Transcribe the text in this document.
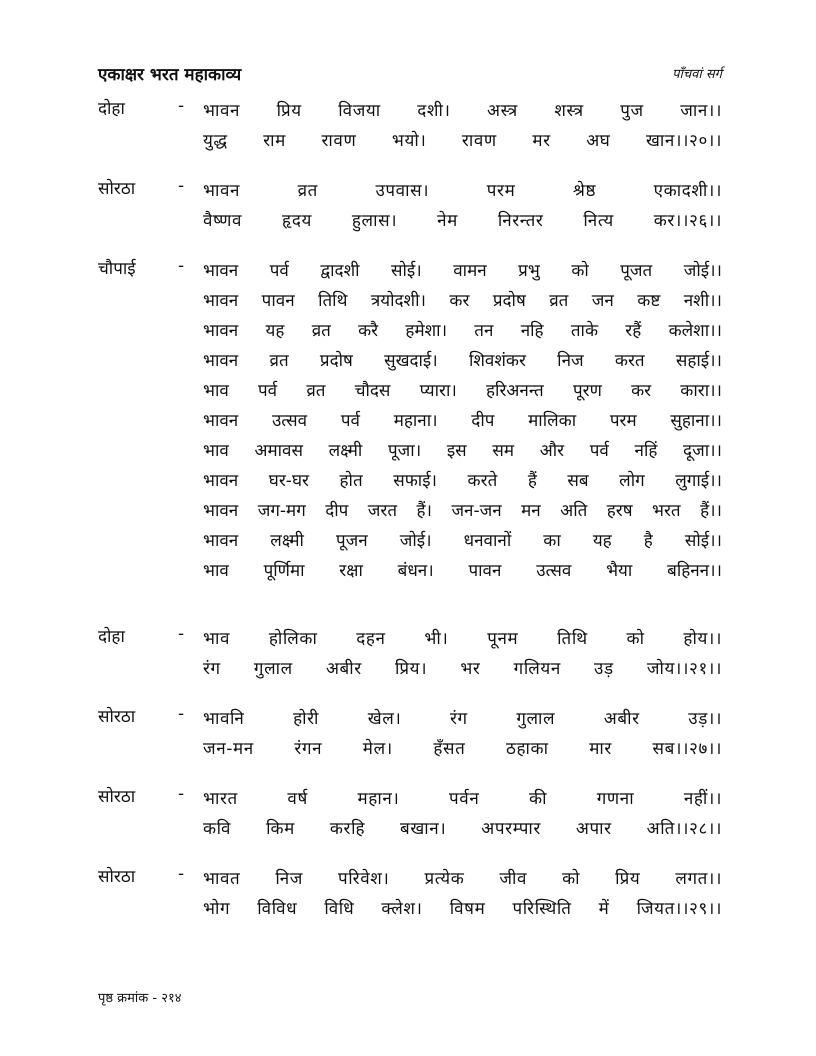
एकाक्षर भरत महाकाव्य	पाँचवां सर्ग
दोहा	- भावन प्रिय विजया दशी। अस्त्र शस्त्र पुज जान।।
युद्ध राम रावण भयो। रावण मर अघ खान।।२०।।
सोरठा	- भावन व्रत उपवास। परम श्रेष्ठ एकादशी।।
वैष्णव हृदय हुलास। नेम निरन्तर नित्य कर।।२६।।
चौपाई - भावन पर्व द्वादशी सोई। वामन प्रभु को पूजत जोई।।
भावन पावन तिथि त्रयोदशी। कर प्रदोष व्रत जन कष्ट नशी।।
भावन यह व्रत करै हमेशा। तन नहि ताके रहैं कलेशा।।
भावन व्रत प्रदोष सुखदाई। शिवशंकर निज करत सहाई।।
भाव पर्व व्रत चौदस प्यारा। हरिअनन्त पूरण कर कारा।।
भावन उत्सव पर्व महाना। दीप मालिका परम सुहाना।।
भाव अमावस लक्ष्मी पूजा। इस सम और पर्व नहिं दूजा।।
भावन घर-घर होत सफाई। करते हैं सब लोग लुगाई।।
भावन जग-मग दीप जरत हैं। जन-जन मन अति हरष भरत हैं।।
भावन लक्ष्मी पूजन जोई। धनवानों का यह है सोई।।
भाव पूर्णिमा रक्षा बंधन। पावन उत्सव भैया बहिनन।।
दोहा	- भाव होलिका दहन भी। पूनम तिथि को होय।।
रंग गुलाल अबीर प्रिय। भर गलियन उड़ जोय।।२१।।
सोरठा	- भावनि होरी खेल। रंग गुलाल अबीर उड़।।
जन-मन रंगन मेल। हँसत ठहाका मार सब।।२७।।
सोरठा	- भारत वर्ष महान। पर्वन की गणना नहीं।।
कवि किम करहि बखान। अपरम्पार अपार अति।।२८।।
सोरठा	- भावत निज परिवेश। प्रत्येक जीव को प्रिय लगत।।
भोग विविध विधि क्लेश। विषम परिस्थिति में जियत।।२९।।
पृष्ठ क्रमांक - २१४
